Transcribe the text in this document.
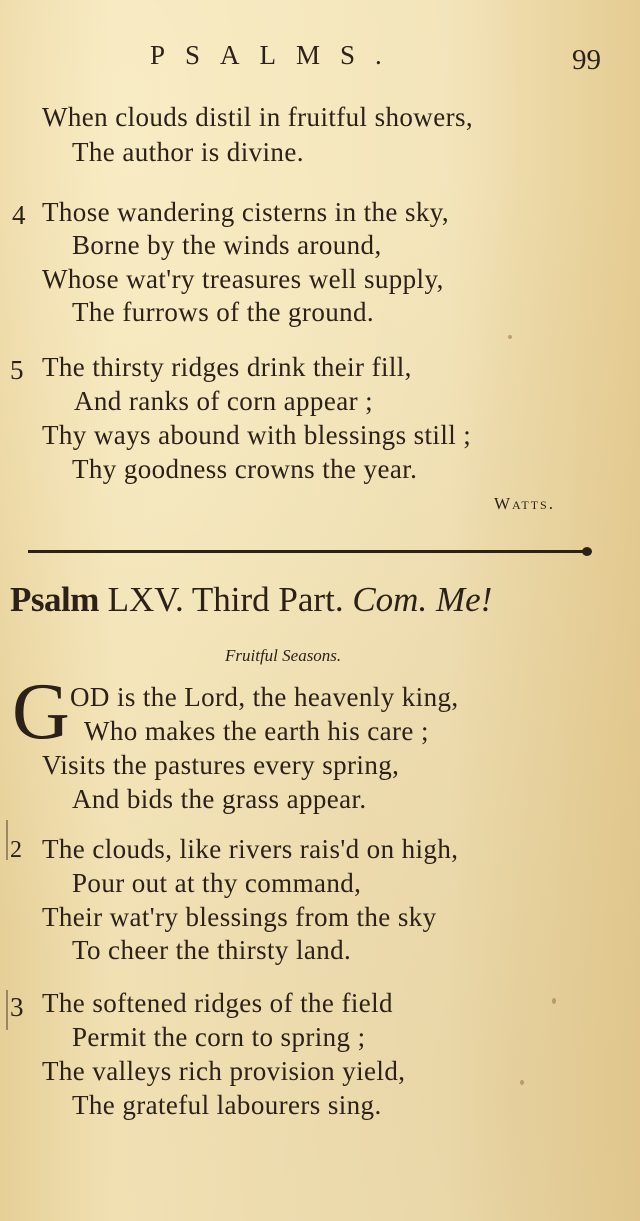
PSALMS.	99
When clouds distil in fruitful showers,
The author is divine.
4 Those wandering cisterns in the sky,
Borne by the winds around,
Whose wat'ry treasures well supply,
The furrows of the ground.
5 The thirsty ridges drink their fill,
And ranks of corn appear ;
Thy ways abound with blessings still ;
Thy goodness crowns the year.
Watts.
Psalm LXV. Third Part. Com. Me!
Fruitful Seasons.
G OD is the Lord, the heavenly king,
Who makes the earth his care ;
Visits the pastures every spring,
And bids the grass appear.
2 The clouds, like rivers rais'd on high,
Pour out at thy command,
Their wat'ry blessings from the sky
To cheer the thirsty land.
3 The softened ridges of the field
Permit the corn to spring ;
The valleys rich provision yield,
The grateful labourers sing.
